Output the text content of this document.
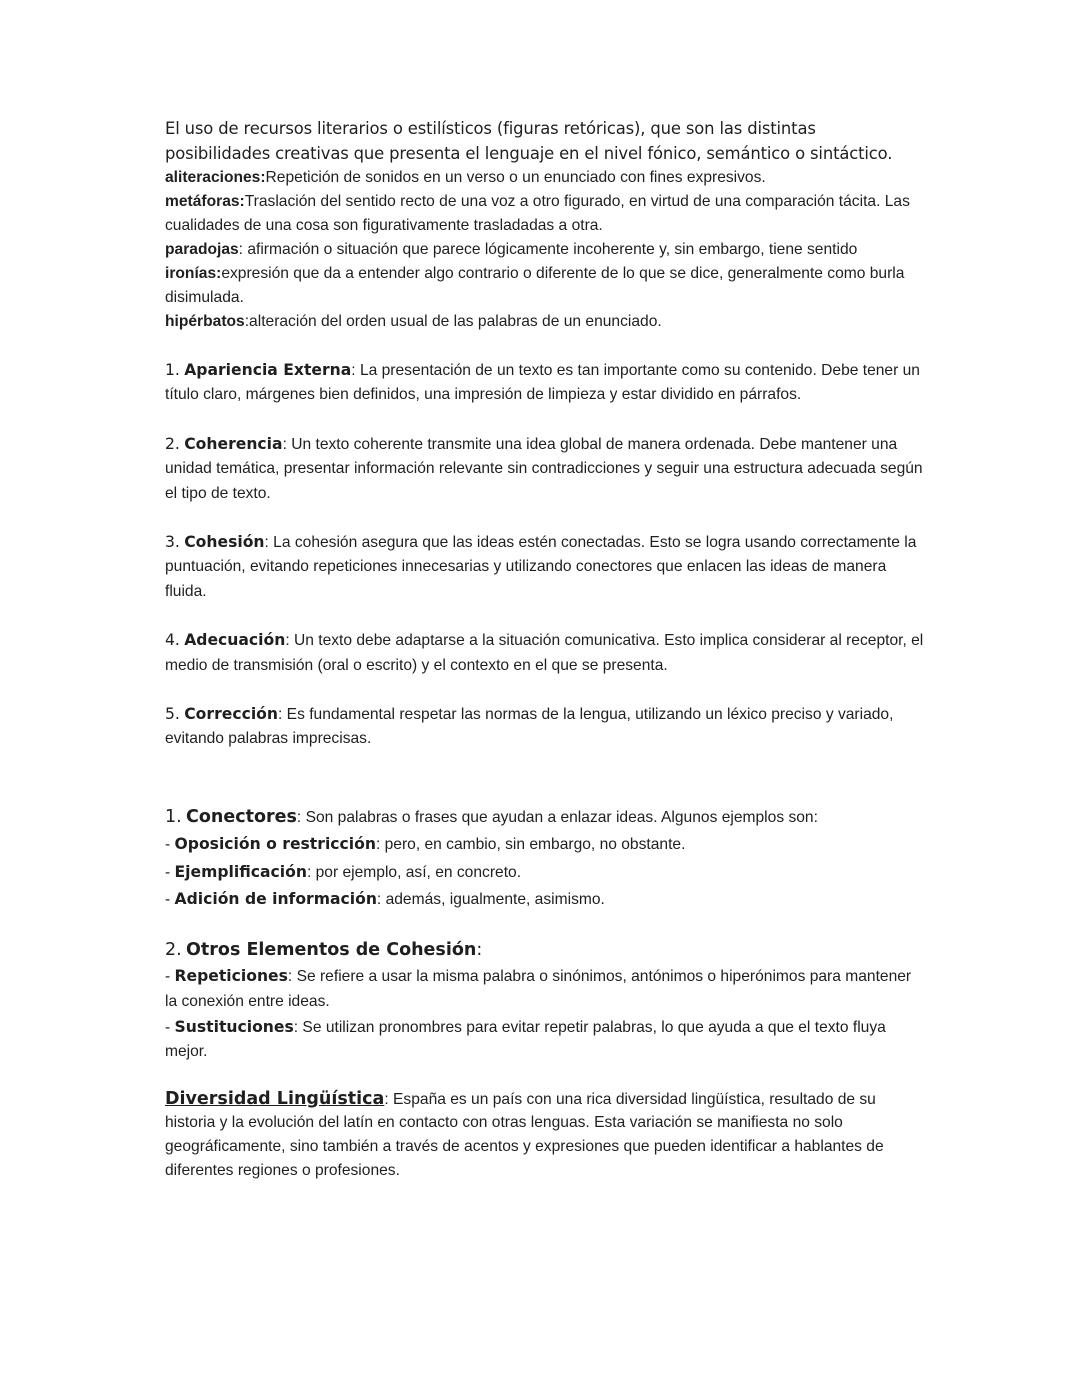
El uso de recursos literarios o estilísticos (figuras retóricas), que son las distintas posibilidades creativas que presenta el lenguaje en el nivel fónico, semántico o sintáctico.

aliteraciones:Repetición de sonidos en un verso o un enunciado con fines expresivos.

metáforas:Traslación del sentido recto de una voz a otro figurado, en virtud de una comparación tácita. Las cualidades de una cosa son figurativamente trasladadas a otra.

paradojas: afirmación o situación que parece lógicamente incoherente y, sin embargo, tiene sentido

ironías:expresión que da a entender algo contrario o diferente de lo que se dice, generalmente como burla disimulada.

hipérbatos:alteración del orden usual de las palabras de un enunciado.

1. Apariencia Externa: La presentación de un texto es tan importante como su contenido. Debe tener un título claro, márgenes bien definidos, una impresión de limpieza y estar dividido en párrafos.

2. Coherencia: Un texto coherente transmite una idea global de manera ordenada. Debe mantener una unidad temática, presentar información relevante sin contradicciones y seguir una estructura adecuada según el tipo de texto.

3. Cohesión: La cohesión asegura que las ideas estén conectadas. Esto se logra usando correctamente la puntuación, evitando repeticiones innecesarias y utilizando conectores que enlacen las ideas de manera fluida.

4. Adecuación: Un texto debe adaptarse a la situación comunicativa. Esto implica considerar al receptor, el medio de transmisión (oral o escrito) y el contexto en el que se presenta.

5. Corrección: Es fundamental respetar las normas de la lengua, utilizando un léxico preciso y variado, evitando palabras imprecisas.

1. Conectores: Son palabras o frases que ayudan a enlazar ideas. Algunos ejemplos son:

- Oposición o restricción: pero, en cambio, sin embargo, no obstante.

- Ejemplificación: por ejemplo, así, en concreto.

- Adición de información: además, igualmente, asimismo.

2. Otros Elementos de Cohesión:

- Repeticiones: Se refiere a usar la misma palabra o sinónimos, antónimos o hiperónimos para mantener la conexión entre ideas.

- Sustituciones: Se utilizan pronombres para evitar repetir palabras, lo que ayuda a que el texto fluya mejor.

Diversidad Lingüística: España es un país con una rica diversidad lingüística, resultado de su historia y la evolución del latín en contacto con otras lenguas. Esta variación se manifiesta no solo geográficamente, sino también a través de acentos y expresiones que pueden identificar a hablantes de diferentes regiones o profesiones.
